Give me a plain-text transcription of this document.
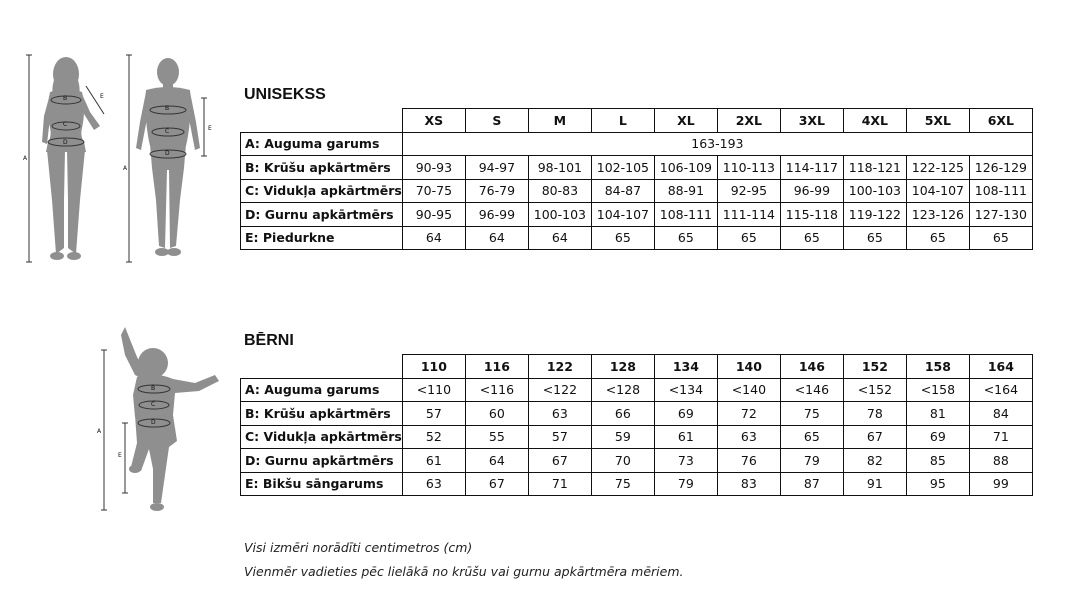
A
B
C
D
E
A
B
C
D
E
A
B
C
D
E
UNISEKSS
	XS	S	M	L	XL	2XL	3XL	4XL	5XL	6XL
A: Auguma garums	163-193									
B: Krūšu apkārtmērs	90-93	94-97	98-101	102-105	106-109	110-113	114-117	118-121	122-125	126-129
C: Vidukļa apkārtmērs	70-75	76-79	80-83	84-87	88-91	92-95	96-99	100-103	104-107	108-111
D: Gurnu apkārtmērs	90-95	96-99	100-103	104-107	108-111	111-114	115-118	119-122	123-126	127-130
E: Piedurkne	64	64	64	65	65	65	65	65	65	65
BĒRNI
	110	116	122	128	134	140	146	152	158	164
A: Auguma garums	<110	<116	<122	<128	<134	<140	<146	<152	<158	<164
B: Krūšu apkārtmērs	57	60	63	66	69	72	75	78	81	84
C: Vidukļa apkārtmērs	52	55	57	59	61	63	65	67	69	71
D: Gurnu apkārtmērs	61	64	67	70	73	76	79	82	85	88
E: Bikšu sāngarums	63	67	71	75	79	83	87	91	95	99
Visi izmēri norādīti centimetros (cm)
Vienmēr vadieties pēc lielākā no krūšu vai gurnu apkārtmēra mēriem.
